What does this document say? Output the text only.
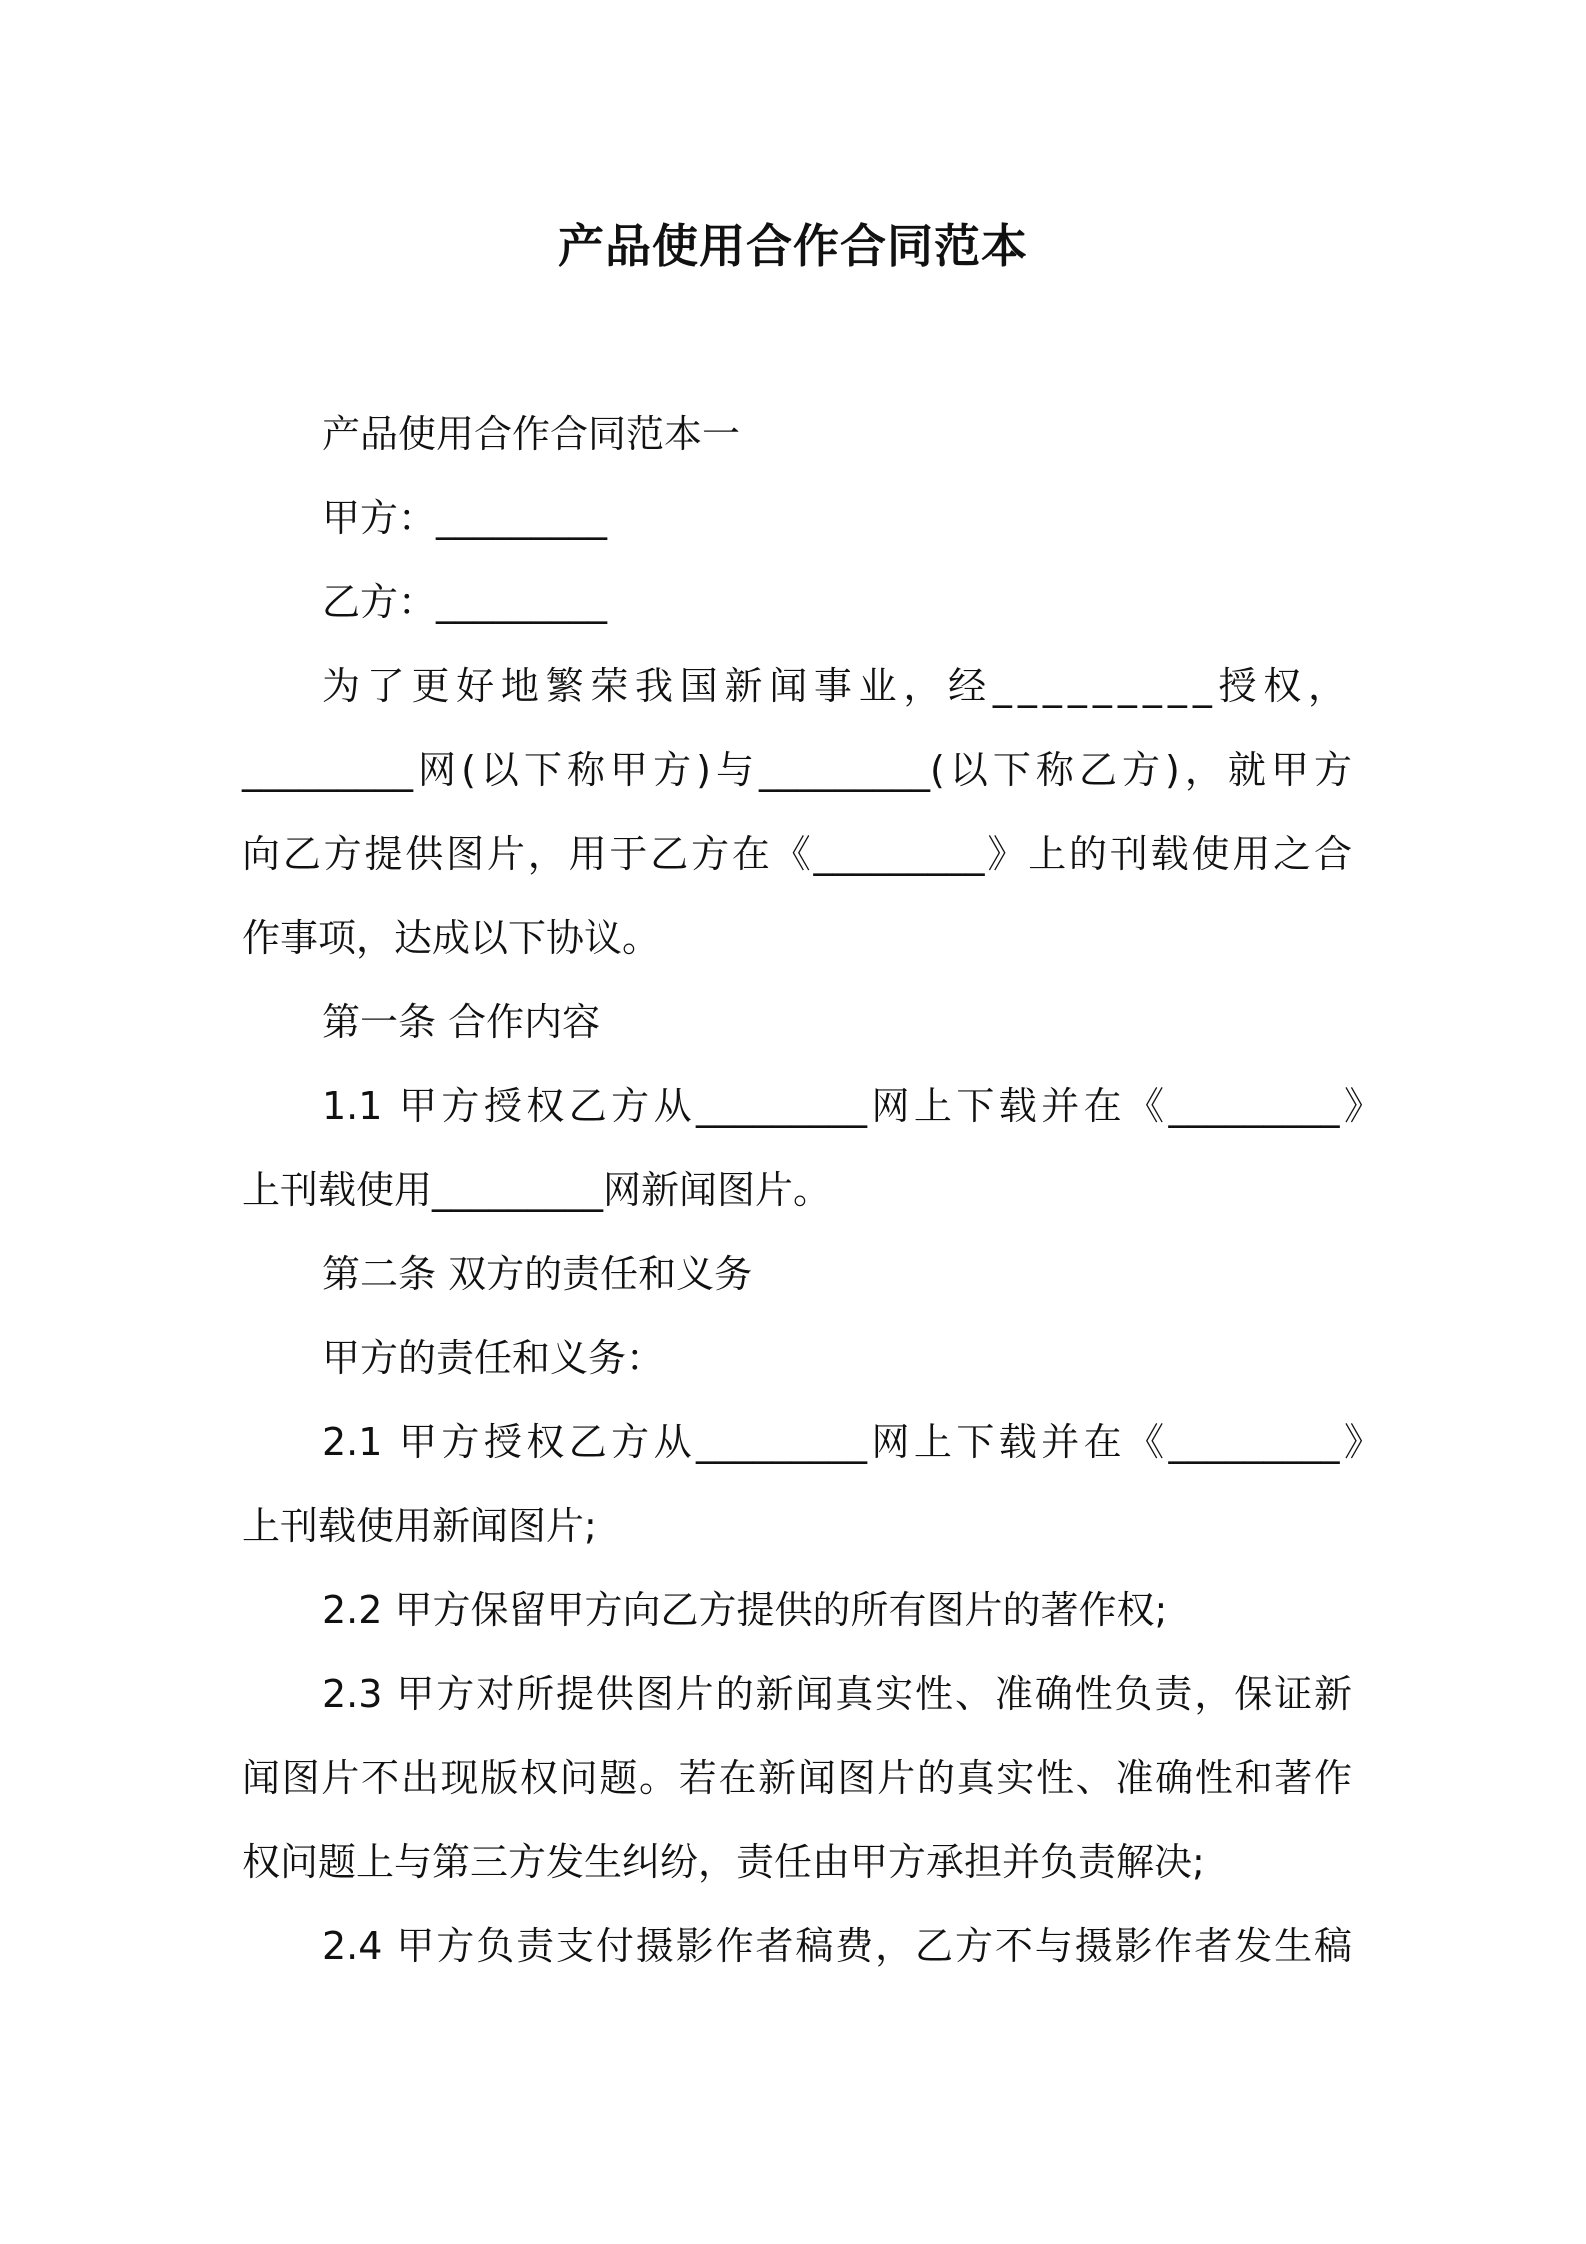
产品使用合作合同范本
产品使用合作合同范本一
甲方：_________
乙方：_________
为了更好地繁荣我国新闻事业，经_________授权，
_________网(以下称甲方)与_________(以下称乙方)，就甲方
向乙方提供图片，用于乙方在《_________》上的刊载使用之合
作事项，达成以下协议。
第一条 合作内容
1.1 甲方授权乙方从_________网上下载并在《_________》
上刊载使用_________网新闻图片。
第二条 双方的责任和义务
甲方的责任和义务：
2.1 甲方授权乙方从_________网上下载并在《_________》
上刊载使用新闻图片;
2.2 甲方保留甲方向乙方提供的所有图片的著作权;
2.3 甲方对所提供图片的新闻真实性、准确性负责，保证新
闻图片不出现版权问题。若在新闻图片的真实性、准确性和著作
权问题上与第三方发生纠纷，责任由甲方承担并负责解决;
2.4 甲方负责支付摄影作者稿费，乙方不与摄影作者发生稿
